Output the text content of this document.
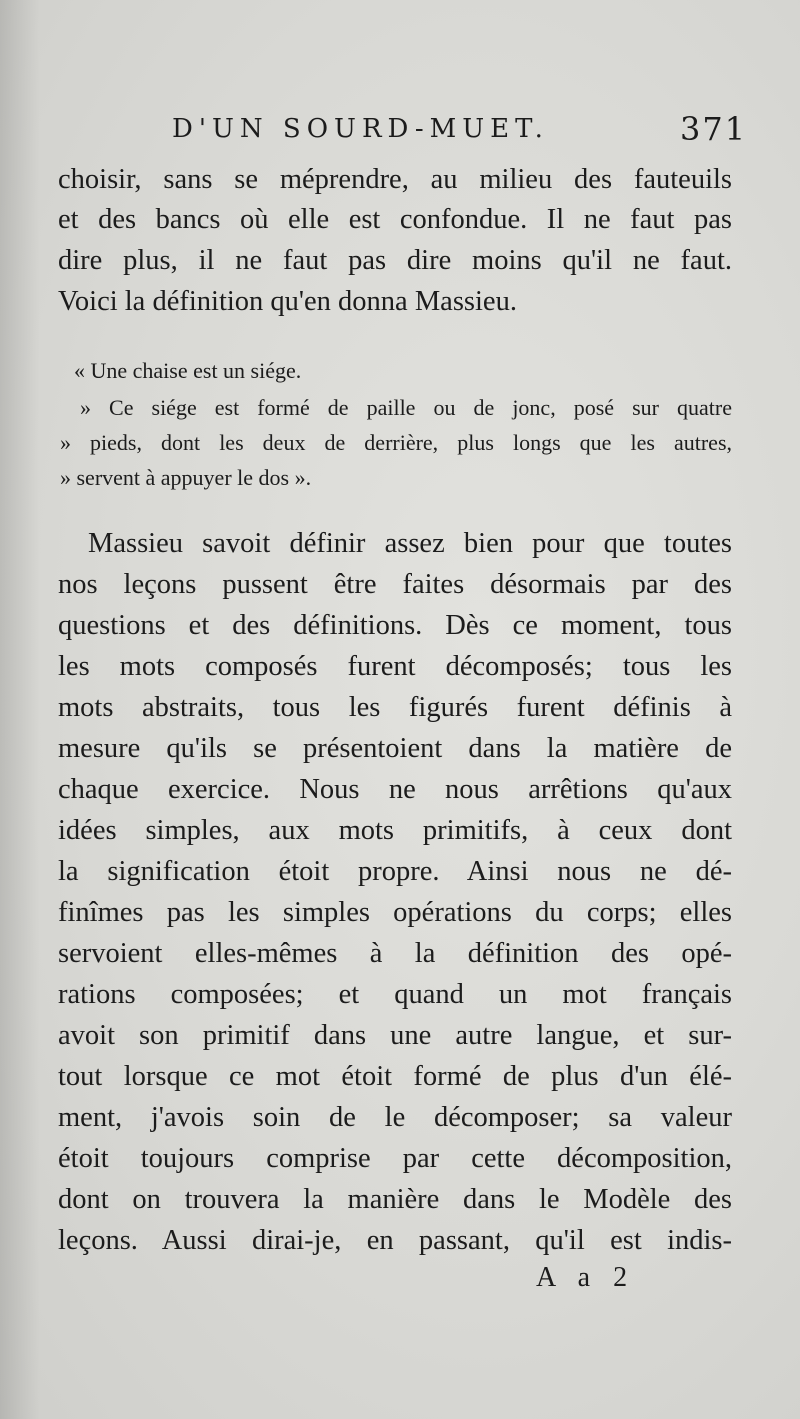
D'UN SOURD-MUET.	371
choisir, sans se méprendre, au milieu des fauteuils
et des bancs où elle est confondue. Il ne faut pas
dire plus, il ne faut pas dire moins qu'il ne faut.
Voici la définition qu'en donna Massieu.
« Une chaise est un siége.
» Ce siége est formé de paille ou de jonc, posé sur quatre
» pieds, dont les deux de derrière, plus longs que les autres,
» servent à appuyer le dos ».
Massieu savoit définir assez bien pour que toutes
nos leçons pussent être faites désormais par des
questions et des définitions. Dès ce moment, tous
les mots composés furent décomposés; tous les
mots abstraits, tous les figurés furent définis à
mesure qu'ils se présentoient dans la matière de
chaque exercice. Nous ne nous arrêtions qu'aux
idées simples, aux mots primitifs, à ceux dont
la signification étoit propre. Ainsi nous ne dé-
finîmes pas les simples opérations du corps; elles
servoient elles-mêmes à la définition des opé-
rations composées; et quand un mot français
avoit son primitif dans une autre langue, et sur-
tout lorsque ce mot étoit formé de plus d'un élé-
ment, j'avois soin de le décomposer; sa valeur
étoit toujours comprise par cette décomposition,
dont on trouvera la manière dans le Modèle des
leçons. Aussi dirai-je, en passant, qu'il est indis-
A a 2
